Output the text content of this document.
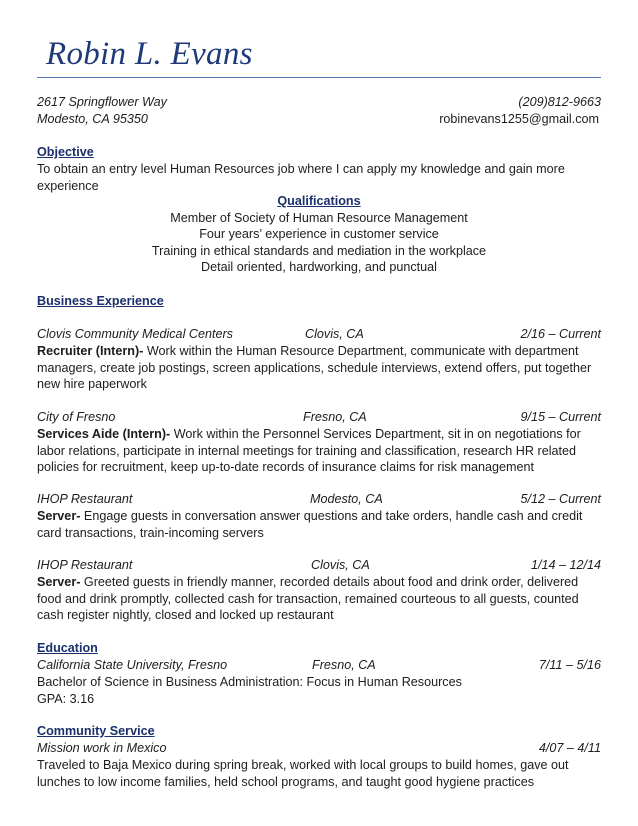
Robin L. Evans
2617 Springflower Way	(209)812-9663
Modesto, CA 95350	robinevans1255@gmail.com
Objective
To obtain an entry level Human Resources job where I can apply my knowledge and gain more experience
Qualifications
Member of Society of Human Resource Management
Four years’ experience in customer service
Training in ethical standards and mediation in the workplace
Detail oriented, hardworking, and punctual
Business Experience
Clovis Community Medical Centers	Clovis, CA	2/16 – Current
Recruiter (Intern)- Work within the Human Resource Department, communicate with department managers, create job postings, screen applications, schedule interviews, extend offers, put together new hire paperwork
City of Fresno	Fresno, CA	9/15 – Current
Services Aide (Intern)- Work within the Personnel Services Department, sit in on negotiations for labor relations, participate in internal meetings for training and classification, research HR related policies for recruitment, keep up-to-date records of insurance claims for risk management
IHOP Restaurant	Modesto, CA	5/12 – Current
Server- Engage guests in conversation answer questions and take orders, handle cash and credit card transactions, train-incoming servers
IHOP Restaurant	Clovis, CA	1/14 – 12/14
Server- Greeted guests in friendly manner, recorded details about food and drink order, delivered food and drink promptly, collected cash for transaction, remained courteous to all guests, counted cash register nightly, closed and locked up restaurant
Education
California State University, Fresno	Fresno, CA	7/11 – 5/16
Bachelor of Science in Business Administration: Focus in Human Resources
GPA: 3.16
Community Service
Mission work in Mexico	4/07 – 4/11
Traveled to Baja Mexico during spring break, worked with local groups to build homes, gave out lunches to low income families, held school programs, and taught good hygiene practices
